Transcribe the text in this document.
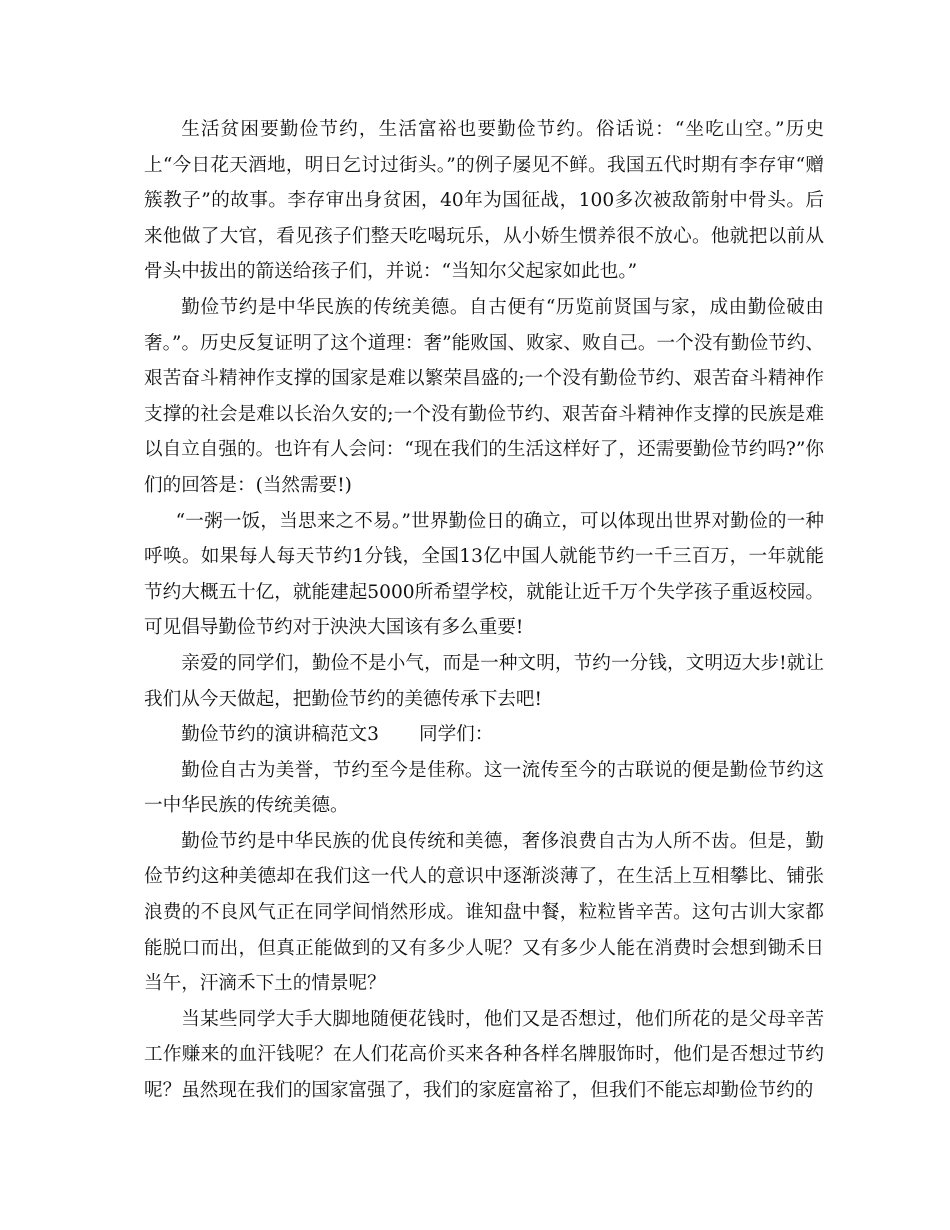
生活贫困要勤俭节约，生活富裕也要勤俭节约。俗话说：“坐吃山空。”历史上“今日花天酒地，明日乞讨过街头。”的例子屡见不鲜。我国五代时期有李存审“赠簇教子”的故事。李存审出身贫困，40年为国征战，100多次被敌箭射中骨头。后来他做了大官，看见孩子们整天吃喝玩乐，从小娇生惯养很不放心。他就把以前从骨头中拔出的箭送给孩子们，并说：“当知尔父起家如此也。”

勤俭节约是中华民族的传统美德。自古便有“历览前贤国与家，成由勤俭破由奢。”。历史反复证明了这个道理：奢”能败国、败家、败自己。一个没有勤俭节约、艰苦奋斗精神作支撑的国家是难以繁荣昌盛的;一个没有勤俭节约、艰苦奋斗精神作支撑的社会是难以长治久安的;一个没有勤俭节约、艰苦奋斗精神作支撑的民族是难以自立自强的。也许有人会问：“现在我们的生活这样好了，还需要勤俭节约吗?”你们的回答是：(当然需要!)

“一粥一饭，当思来之不易。”世界勤俭日的确立，可以体现出世界对勤俭的一种呼唤。如果每人每天节约1分钱，全国13亿中国人就能节约一千三百万，一年就能节约大概五十亿，就能建起5000所希望学校，就能让近千万个失学孩子重返校园。可见倡导勤俭节约对于泱泱大国该有多么重要!

亲爱的同学们，勤俭不是小气，而是一种文明，节约一分钱，文明迈大步!就让我们从今天做起，把勤俭节约的美德传承下去吧!

勤俭节约的演讲稿范文3 同学们：

勤俭自古为美誉，节约至今是佳称。这一流传至今的古联说的便是勤俭节约这一中华民族的传统美德。

勤俭节约是中华民族的优良传统和美德，奢侈浪费自古为人所不齿。但是，勤俭节约这种美德却在我们这一代人的意识中逐渐淡薄了，在生活上互相攀比、铺张浪费的不良风气正在同学间悄然形成。谁知盘中餐，粒粒皆辛苦。这句古训大家都能脱口而出，但真正能做到的又有多少人呢？又有多少人能在消费时会想到锄禾日当午，汗滴禾下土的情景呢？

当某些同学大手大脚地随便花钱时，他们又是否想过，他们所花的是父母辛苦工作赚来的血汗钱呢？在人们花高价买来各种各样名牌服饰时，他们是否想过节约呢？虽然现在我们的国家富强了，我们的家庭富裕了，但我们不能忘却勤俭节约的
